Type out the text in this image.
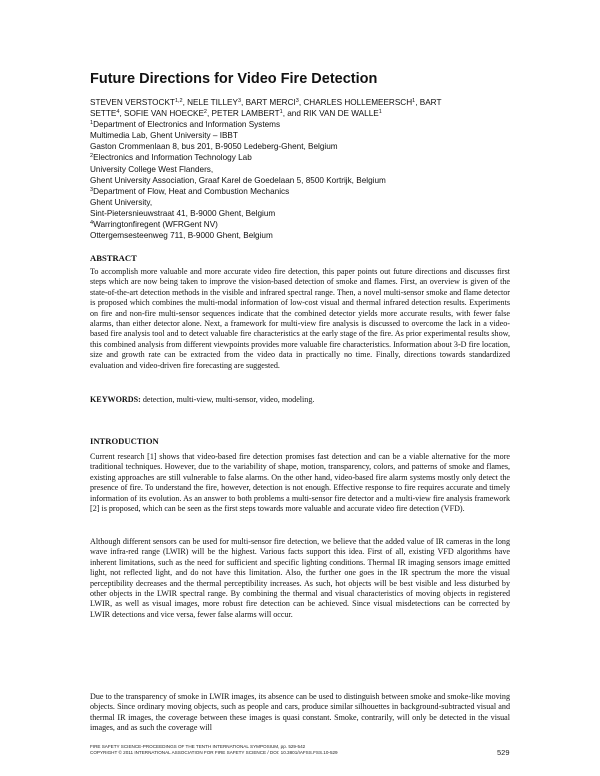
Future Directions for Video Fire Detection
STEVEN VERSTOCKT$^{1,2}$, NELE TILLEY$^3$, BART MERCI$^3$, CHARLES HOLLEMEERSCH$^1$, BART
SETTE$^4$, SOFIE VAN HOECKE$^2$, PETER LAMBERT$^1$, and RIK VAN DE WALLE$^1$
$^1$Department of Electronics and Information Systems
Multimedia Lab, Ghent University – IBBT
Gaston Crommenlaan 8, bus 201, B-9050 Ledeberg-Ghent, Belgium
$^2$Electronics and Information Technology Lab
University College West Flanders,
Ghent University Association, Graaf Karel de Goedelaan 5, 8500 Kortrijk, Belgium
$^3$Department of Flow, Heat and Combustion Mechanics
Ghent University,
Sint-Pietersnieuwstraat 41, B-9000 Ghent, Belgium
$^4$Warringtonfiregent (WFRGent NV)
Ottergemsesteenweg 711, B-9000 Ghent, Belgium
ABSTRACT

To accomplish more valuable and more accurate video fire detection, this paper points out future directions and discusses first steps which are now being taken to improve the vision-based detection of smoke and flames. First, an overview is given of the state-of-the-art detection methods in the visible and infrared spectral range. Then, a novel multi-sensor smoke and flame detector is proposed which combines the multi-modal information of low-cost visual and thermal infrared detection results. Experiments on fire and non-fire multi-sensor sequences indicate that the combined detector yields more accurate results, with fewer false alarms, than either detector alone. Next, a framework for multi-view fire analysis is discussed to overcome the lack in a video-based fire analysis tool and to detect valuable fire characteristics at the early stage of the fire. As prior experimental results show, this combined analysis from different viewpoints provides more valuable fire characteristics. Information about 3-D fire location, size and growth rate can be extracted from the video data in practically no time. Finally, directions towards standardized evaluation and video-driven fire forecasting are suggested.

KEYWORDS: detection, multi-view, multi-sensor, video, modeling.
INTRODUCTION

Current research [1] shows that video-based fire detection promises fast detection and can be a viable alternative for the more traditional techniques. However, due to the variability of shape, motion, transparency, colors, and patterns of smoke and flames, existing approaches are still vulnerable to false alarms. On the other hand, video-based fire alarm systems mostly only detect the presence of fire. To understand the fire, however, detection is not enough. Effective response to fire requires accurate and timely information of its evolution. As an answer to both problems a multi-sensor fire detector and a multi-view fire analysis framework [2] is proposed, which can be seen as the first steps towards more valuable and accurate video fire detection (VFD).

Although different sensors can be used for multi-sensor fire detection, we believe that the added value of IR cameras in the long wave infra-red range (LWIR) will be the highest. Various facts support this idea. First of all, existing VFD algorithms have inherent limitations, such as the need for sufficient and specific lighting conditions. Thermal IR imaging sensors image emitted light, not reflected light, and do not have this limitation. Also, the further one goes in the IR spectrum the more the visual perceptibility decreases and the thermal perceptibility increases. As such, hot objects will be best visible and less disturbed by other objects in the LWIR spectral range. By combining the thermal and visual characteristics of moving objects in registered LWIR, as well as visual images, more robust fire detection can be achieved. Since visual misdetections can be corrected by LWIR detections and vice versa, fewer false alarms will occur.

Due to the transparency of smoke in LWIR images, its absence can be used to distinguish between smoke and smoke-like moving objects. Since ordinary moving objects, such as people and cars, produce similar silhouettes in background-subtracted visual and thermal IR images, the coverage between these images is quasi constant. Smoke, contrarily, will only be detected in the visual images, and as such the coverage will

FIRE SAFETY SCIENCE-PROCEEDINGS OF THE TENTH INTERNATIONAL SYMPOSIUM, pp. 529-542
COPYRIGHT © 2011 INTERNATIONAL ASSOCIATION FOR FIRE SAFETY SCIENCE / DOI: 10.3801/IAFSS.FSS.10-529	529
